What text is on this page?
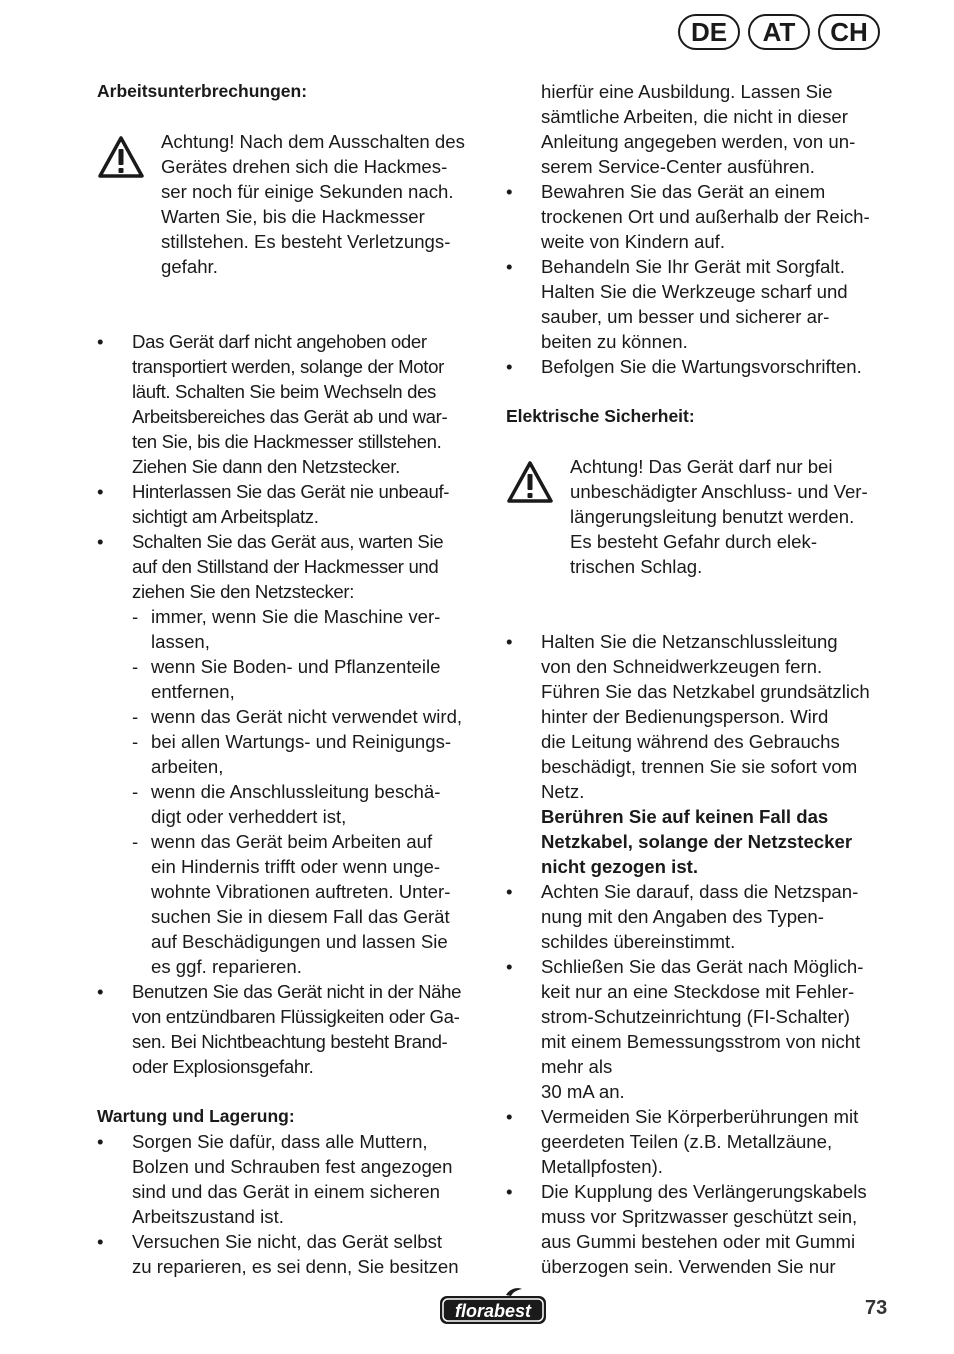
DE	AT	CH
Arbeitsunterbrechungen:
Achtung! Nach dem Ausschalten des
Gerätes drehen sich die Hackmes-
ser noch für einige Sekunden nach.
Warten Sie, bis die Hackmesser
stillstehen. Es besteht Verletzungs-
gefahr.
•	Das Gerät darf nicht angehoben oder
transportiert werden, solange der Motor
läuft. Schalten Sie beim Wechseln des
Arbeitsbereiches das Gerät ab und war-
ten Sie, bis die Hackmesser stillstehen.
Ziehen Sie dann den Netzstecker.
•	Hinterlassen Sie das Gerät nie unbeauf-
sichtigt am Arbeitsplatz.
•	Schalten Sie das Gerät aus, warten Sie
auf den Stillstand der Hackmesser und
ziehen Sie den Netzstecker:
- immer, wenn Sie die Maschine ver-
lassen,
- wenn Sie Boden- und Pflanzenteile
entfernen,
- wenn das Gerät nicht verwendet wird,
- bei allen Wartungs- und Reinigungs-
arbeiten,
- wenn die Anschlussleitung beschä-
digt oder verheddert ist,
- wenn das Gerät beim Arbeiten auf
ein Hindernis trifft oder wenn unge-
wohnte Vibrationen auftreten. Unter-
suchen Sie in diesem Fall das Gerät
auf Beschädigungen und lassen Sie
es ggf. reparieren.
•	Benutzen Sie das Gerät nicht in der Nähe
von entzündbaren Flüssigkeiten oder Ga-
sen. Bei Nichtbeachtung besteht Brand-
oder Explosionsgefahr.
Wartung und Lagerung:
•	Sorgen Sie dafür, dass alle Muttern,
Bolzen und Schrauben fest angezogen
sind und das Gerät in einem sicheren
Arbeitszustand ist.
•	Versuchen Sie nicht, das Gerät selbst
zu reparieren, es sei denn, Sie besitzen
hierfür eine Ausbildung. Lassen Sie
sämtliche Arbeiten, die nicht in dieser
Anleitung angegeben werden, von un-
serem Service-Center ausführen.
•	Bewahren Sie das Gerät an einem
trockenen Ort und außerhalb der Reich-
weite von Kindern auf.
•	Behandeln Sie Ihr Gerät mit Sorgfalt.
Halten Sie die Werkzeuge scharf und
sauber, um besser und sicherer ar-
beiten zu können.
•	Befolgen Sie die Wartungsvorschriften.
Elektrische Sicherheit:
Achtung! Das Gerät darf nur bei
unbeschädigter Anschluss- und Ver-
längerungsleitung benutzt werden.
Es besteht Gefahr durch elek-
trischen Schlag.
•	Halten Sie die Netzanschlussleitung
von den Schneidwerkzeugen fern.
Führen Sie das Netzkabel grundsätzlich
hinter der Bedienungsperson. Wird
die Leitung während des Gebrauchs
beschädigt, trennen Sie sie sofort vom
Netz.
Berühren Sie auf keinen Fall das
Netzkabel, solange der Netzstecker
nicht gezogen ist.
•	Achten Sie darauf, dass die Netzspan-
nung mit den Angaben des Typen-
schildes übereinstimmt.
•	Schließen Sie das Gerät nach Möglich-
keit nur an eine Steckdose mit Fehler-
strom-Schutzeinrichtung (FI-Schalter)
mit einem Bemessungsstrom von nicht
mehr als
30 mA an.
•	Vermeiden Sie Körperberührungen mit
geerdeten Teilen (z.B. Metallzäune,
Metallpfosten).
•	Die Kupplung des Verlängerungskabels
muss vor Spritzwasser geschützt sein,
aus Gummi bestehen oder mit Gummi
überzogen sein. Verwenden Sie nur
florabest	73
